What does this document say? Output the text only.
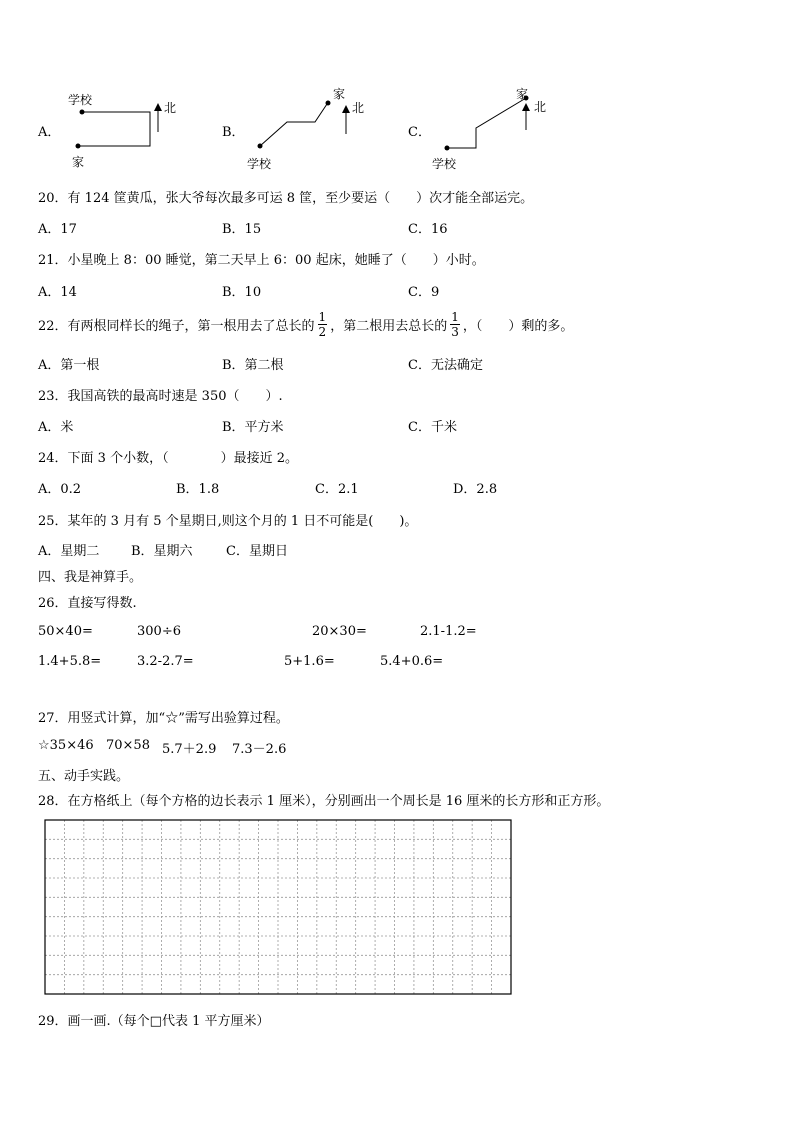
A．
学校
家
北
B．
学校
家
北
C．
学校
家
北
20．有 124 筐黄瓜，张大爷每次最多可运 8 筐，至少要运（　　）次才能全部运完。
A．17	B．15	C．16
21．小星晚上 8：00 睡觉，第二天早上 6：00 起床，她睡了（　　）小时。
A．14	B．10	C．9
22．有两根同样长的绳子，第一根用去了总长的 $\frac{1}{2}$ ，第二根用去总长的 $\frac{1}{3}$ ，（　　）剩的多。
A．第一根	B．第二根	C．无法确定
23．我国高铁的最高时速是 350（　　）.
A．米	B．平方米	C．千米
24．下面 3 个小数，（　　　　）最接近 2。
A．0.2	B．1.8	C．2.1	D．2.8
25．某年的 3 月有 5 个星期日,则这个月的 1 日不可能是(　　)。
A．星期二 B．星期六	C．星期日
四、我是神算手。
26．直接写得数.
50×40=	300÷6	20×30=	2.1-1.2=
1.4+5.8=	3.2-2.7=	5+1.6=	5.4+0.6=
27．用竖式计算，加“☆”需写出验算过程。
☆35×46 70×58 5.7＋2.9 7.3－2.6
五、动手实践。
28．在方格纸上（每个方格的边长表示 1 厘米），分别画出一个周长是 16 厘米的长方形和正方形。
29．画一画.（每个□代表 1 平方厘米）
